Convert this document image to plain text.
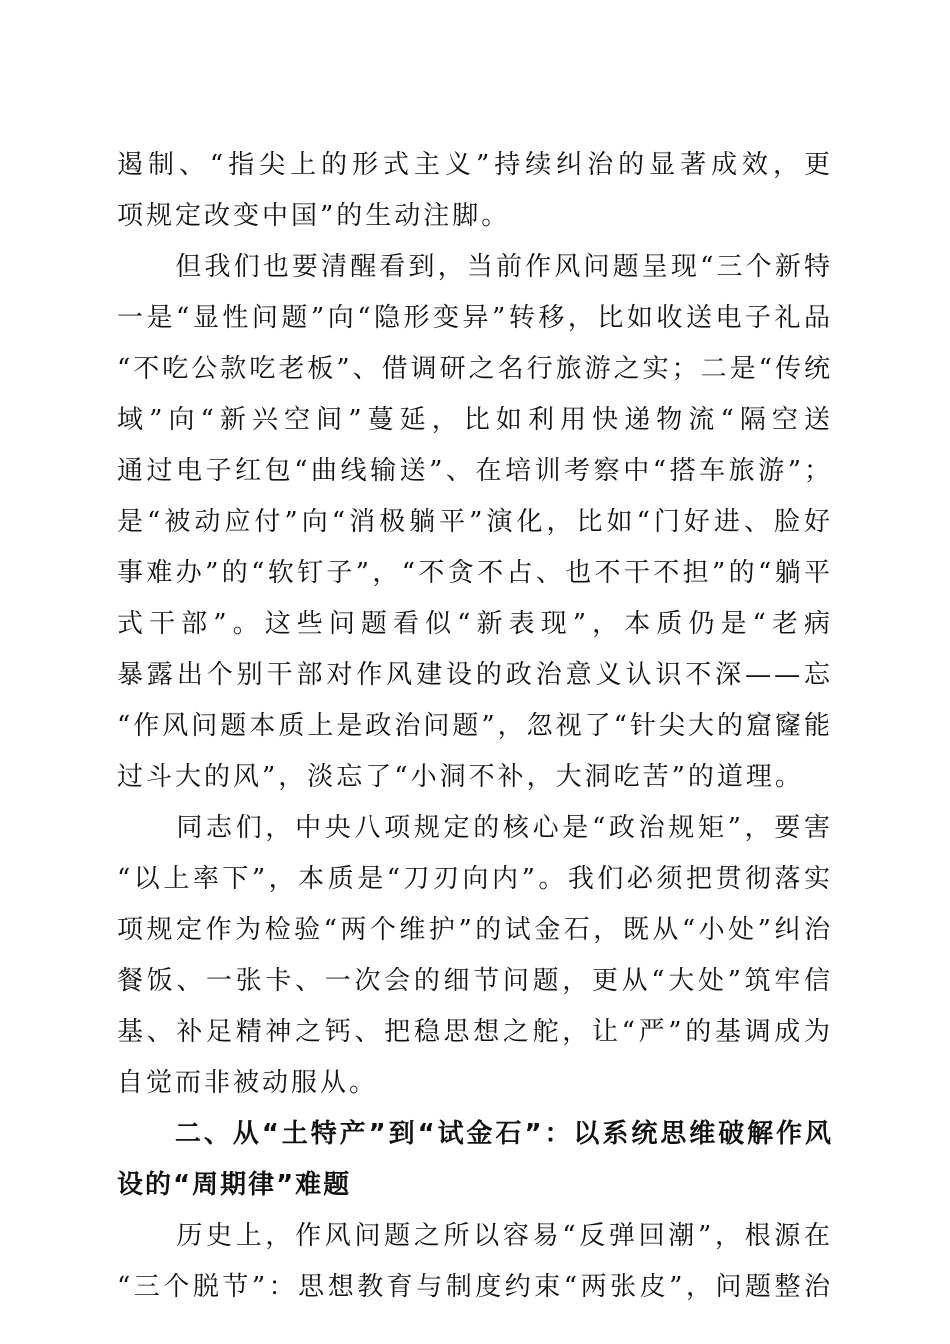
遏制、“指尖上的形式主义”持续纠治的显著成效，更
项规定改变中国”的生动注脚。
　　但我们也要清醒看到，当前作风问题呈现“三个新特
一是“显性问题”向“隐形变异”转移，比如收送电子礼品
“不吃公款吃老板”、借调研之名行旅游之实；二是“传统
域”向“新兴空间”蔓延，比如利用快递物流“隔空送
通过电子红包“曲线输送”、在培训考察中“搭车旅游”；
是“被动应付”向“消极躺平”演化，比如“门好进、脸好
事难办”的“软钉子”，“不贪不占、也不干不担”的“躺平
式干部”。这些问题看似“新表现”，本质仍是“老病
暴露出个别干部对作风建设的政治意义认识不深——忘
“作风问题本质上是政治问题”，忽视了“针尖大的窟窿能
过斗大的风”，淡忘了“小洞不补，大洞吃苦”的道理。
　　同志们，中央八项规定的核心是“政治规矩”，要害
“以上率下”，本质是“刀刃向内”。我们必须把贯彻落实
项规定作为检验“两个维护”的试金石，既从“小处”纠治
餐饭、一张卡、一次会的细节问题，更从“大处”筑牢信
基、补足精神之钙、把稳思想之舵，让“严”的基调成为
自觉而非被动服从。
　　二、从“土特产”到“试金石”：以系统思维破解作风
设的“周期律”难题
　　历史上，作风问题之所以容易“反弹回潮”，根源在
“三个脱节”：思想教育与制度约束“两张皮”，问题整治
